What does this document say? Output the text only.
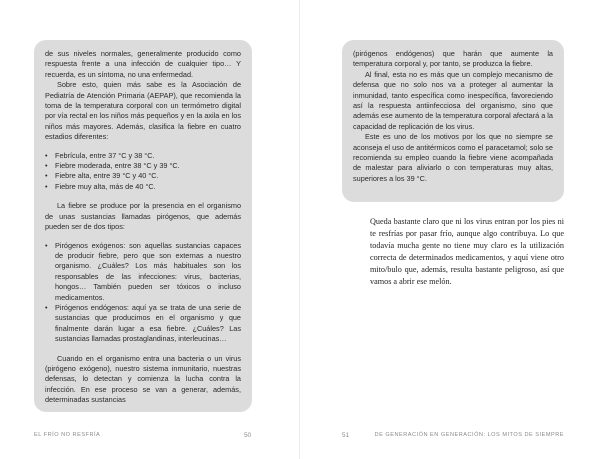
de sus niveles normales, generalmente producido como respuesta frente a una infección de cualquier tipo… Y recuerda, es un síntoma, no una enfermedad.

Sobre esto, quien más sabe es la Asociación de Pediatría de Atención Primaria (AEPAP), que recomienda la toma de la temperatura corporal con un termómetro digital por vía rectal en los niños más pequeños y en la axila en los niños más mayores. Además, clasifica la fiebre en cuatro estadios diferentes:

• Febrícula, entre 37 °C y 38 °C.
• Fiebre moderada, entre 38 °C y 39 °C.
• Fiebre alta, entre 39 °C y 40 °C.
• Fiebre muy alta, más de 40 °C.

La fiebre se produce por la presencia en el organismo de unas sustancias llamadas pirógenos, que además pueden ser de dos tipos:

• Pirógenos exógenos: son aquellas sustancias capaces de producir fiebre, pero que son externas a nuestro organismo. ¿Cuáles? Los más habituales son los responsables de las infecciones: virus, bacterias, hongos… También pueden ser tóxicos o incluso medicamentos.
• Pirógenos endógenos: aquí ya se trata de una serie de sustancias que producimos en el organismo y que finalmente darán lugar a esa fiebre. ¿Cuáles? Las sustancias llamadas prostaglandinas, interleucinas…

Cuando en el organismo entra una bacteria o un virus (pirógeno exógeno), nuestro sistema inmunitario, nuestras defensas, lo detectan y comienza la lucha contra la infección. En ese proceso se van a generar, además, determinadas sustancias

EL FRÍO NO RESFRÍA	50

(pirógenos endógenos) que harán que aumente la temperatura corporal y, por tanto, se produzca la fiebre.

Al final, esta no es más que un complejo mecanismo de defensa que no solo nos va a proteger al aumentar la inmunidad, tanto específica como inespecífica, favoreciendo así la respuesta antiinfecciosa del organismo, sino que además ese aumento de la temperatura corporal afectará a la capacidad de replicación de los virus.

Este es uno de los motivos por los que no siempre se aconseja el uso de antitérmicos como el paracetamol; solo se recomienda su empleo cuando la fiebre viene acompañada de malestar para aliviarlo o con temperaturas muy altas, superiores a los 39 °C.

Queda bastante claro que ni los virus entran por los pies ni te resfrías por pasar frío, aunque algo contribuya. Lo que todavía mucha gente no tiene muy claro es la utilización correcta de determinados medicamentos, y aquí viene otro mito/bulo que, además, resulta bastante peligroso, así que vamos a abrir ese melón.

51	DE GENERACIÓN EN GENERACIÓN: LOS MITOS DE SIEMPRE
